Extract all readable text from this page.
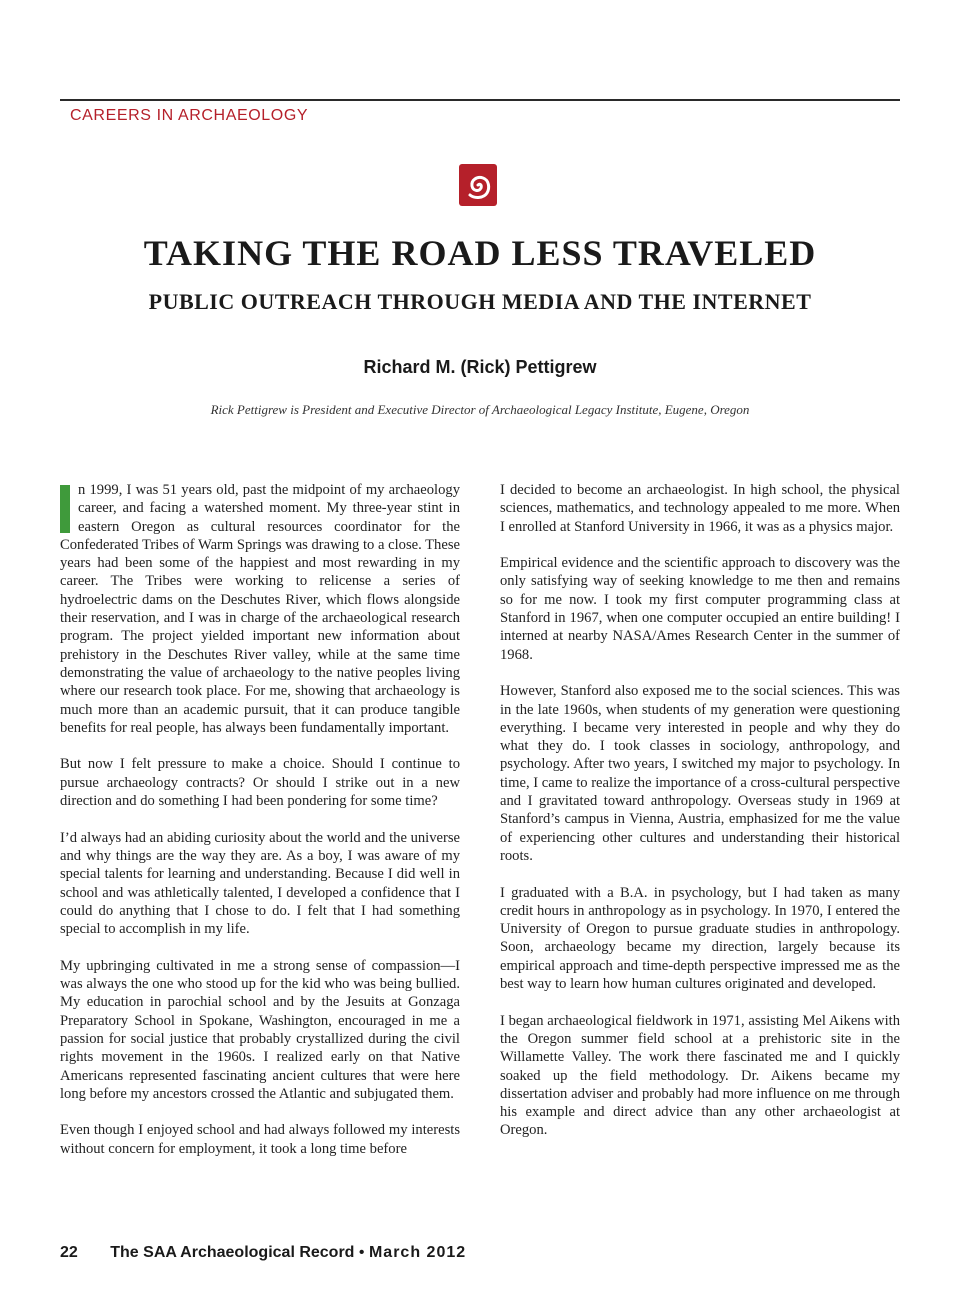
CAREERS IN ARCHAEOLOGY
TAKING THE ROAD LESS TRAVELED
PUBLIC OUTREACH THROUGH MEDIA AND THE INTERNET
Richard M. (Rick) Pettigrew
Rick Pettigrew is President and Executive Director of Archaeological Legacy Institute, Eugene, Oregon

n 1999, I was 51 years old, past the midpoint of my archaeology career, and facing a watershed moment. My three-year stint in eastern Oregon as cultural resources coordinator for the Confederated Tribes of Warm Springs was drawing to a close. These years had been some of the happiest and most rewarding in my career. The Tribes were working to relicense a series of hydroelectric dams on the Deschutes River, which flows alongside their reservation, and I was in charge of the archaeological research program. The project yielded important new information about prehistory in the Deschutes River valley, while at the same time demonstrating the value of archaeology to the native peoples living where our research took place. For me, showing that archaeology is much more than an academic pursuit, that it can produce tangible benefits for real people, has always been fundamentally important.

But now I felt pressure to make a choice. Should I continue to pursue archaeology contracts? Or should I strike out in a new direction and do something I had been pondering for some time?

I’d always had an abiding curiosity about the world and the universe and why things are the way they are. As a boy, I was aware of my special talents for learning and understanding. Because I did well in school and was athletically talented, I developed a confidence that I could do anything that I chose to do. I felt that I had something special to accomplish in my life.

My upbringing cultivated in me a strong sense of compassion—I was always the one who stood up for the kid who was being bullied. My education in parochial school and by the Jesuits at Gonzaga Preparatory School in Spokane, Washington, encouraged in me a passion for social justice that probably crystallized during the civil rights movement in the 1960s. I realized early on that Native Americans represented fascinating ancient cultures that were here long before my ancestors crossed the Atlantic and subjugated them.

Even though I enjoyed school and had always followed my interests without concern for employment, it took a long time before

I decided to become an archaeologist. In high school, the physical sciences, mathematics, and technology appealed to me more. When I enrolled at Stanford University in 1966, it was as a physics major.

Empirical evidence and the scientific approach to discovery was the only satisfying way of seeking knowledge to me then and remains so for me now. I took my first computer programming class at Stanford in 1967, when one computer occupied an entire building! I interned at nearby NASA/Ames Research Center in the summer of 1968.

However, Stanford also exposed me to the social sciences. This was in the late 1960s, when students of my generation were questioning everything. I became very interested in people and why they do what they do. I took classes in sociology, anthropology, and psychology. After two years, I switched my major to psychology. In time, I came to realize the importance of a cross-cultural perspective and I gravitated toward anthropology. Overseas study in 1969 at Stanford’s campus in Vienna, Austria, emphasized for me the value of experiencing other cultures and understanding their historical roots.

I graduated with a B.A. in psychology, but I had taken as many credit hours in anthropology as in psychology. In 1970, I entered the University of Oregon to pursue graduate studies in anthropology. Soon, archaeology became my direction, largely because its empirical approach and time-depth perspective impressed me as the best way to learn how human cultures originated and developed.

I began archaeological fieldwork in 1971, assisting Mel Aikens with the Oregon summer field school at a prehistoric site in the Willamette Valley. The work there fascinated me and I quickly soaked up the field methodology. Dr. Aikens became my dissertation adviser and probably had more influence on me through his example and direct advice than any other archaeologist at Oregon.

22 The SAA Archaeological Record • March 2012
